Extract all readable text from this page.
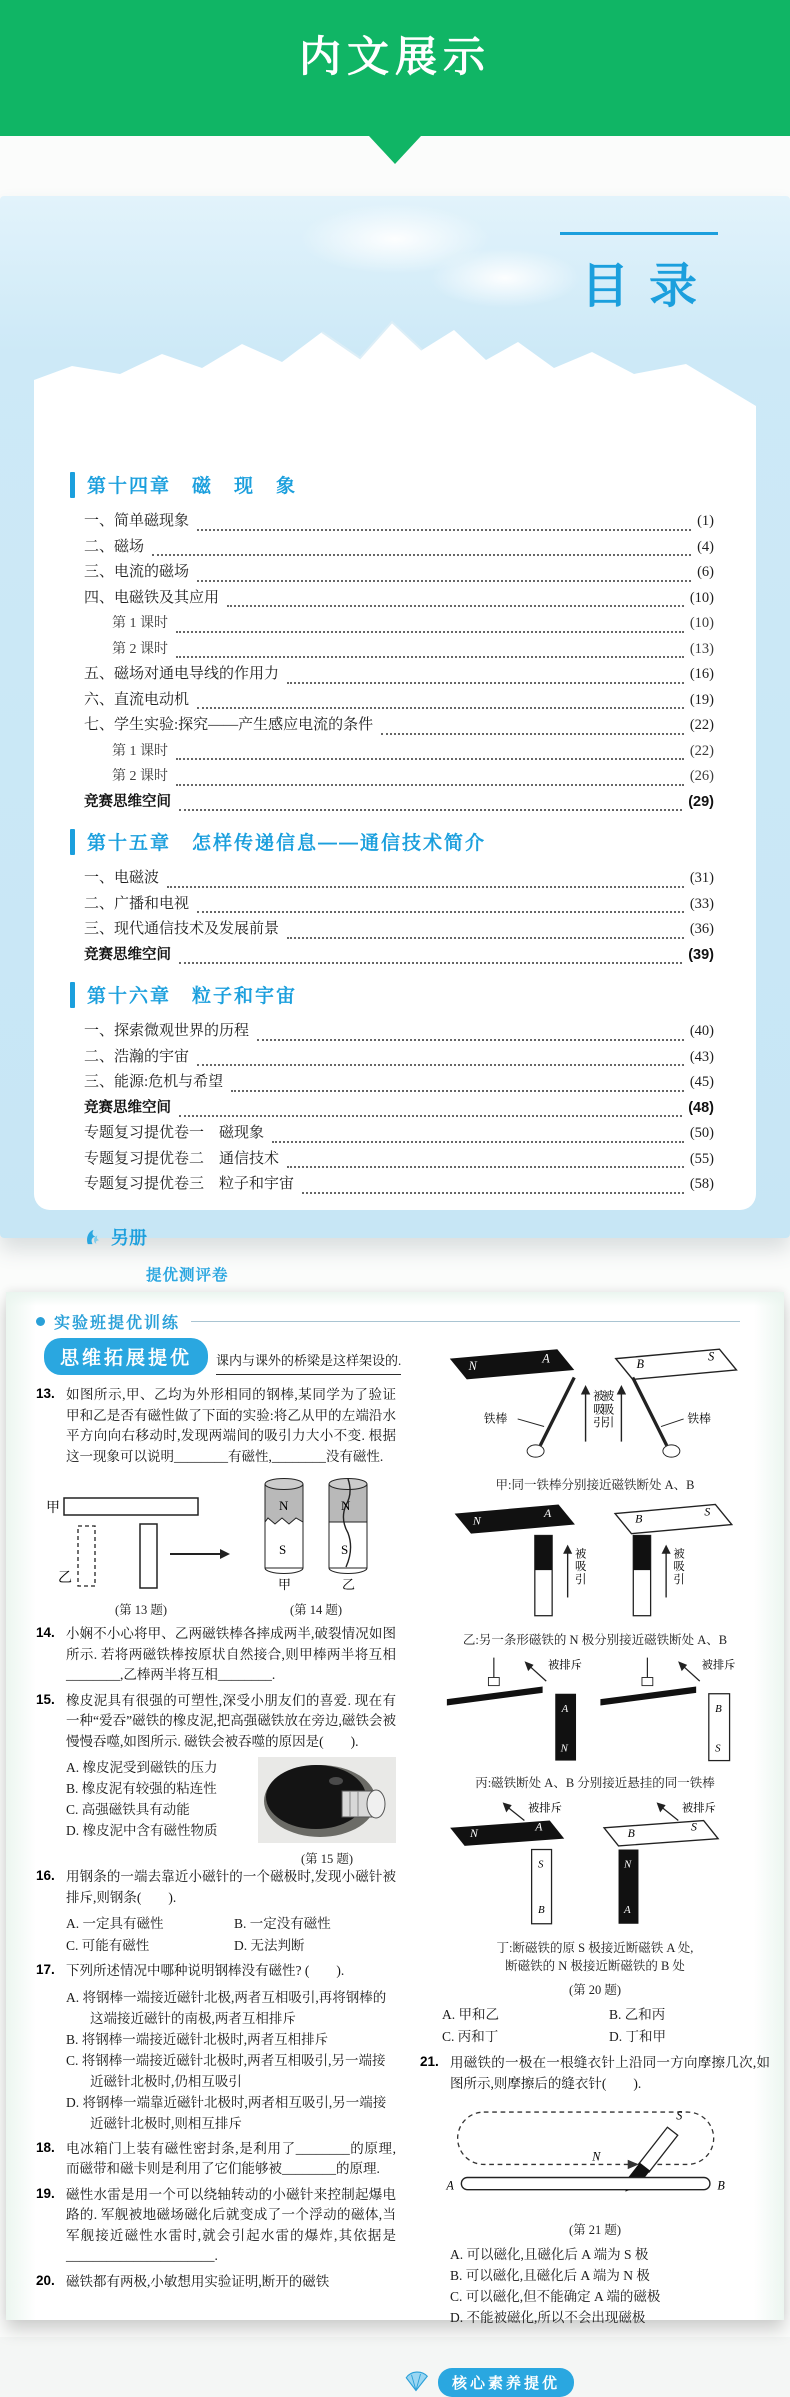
内文展示
目录
第十四章　磁　现　象
一、简单磁现象	(1)
二、磁场	(4)
三、电流的磁场	(6)
四、电磁铁及其应用	(10)
第 1 课时	(10)
第 2 课时	(13)
五、磁场对通电导线的作用力	(16)
六、直流电动机	(19)
七、学生实验:探究——产生感应电流的条件	(22)
第 1 课时	(22)
第 2 课时	(26)
竞赛思维空间	(29)
第十五章　怎样传递信息——通信技术简介
一、电磁波	(31)
二、广播和电视	(33)
三、现代通信技术及发展前景	(36)
竞赛思维空间	(39)
第十六章　粒子和宇宙
一、探索微观世界的历程	(40)
二、浩瀚的宇宙	(43)
三、能源:危机与希望	(45)
竞赛思维空间	(48)
专题复习提优卷一　磁现象	(50)
专题复习提优卷二　通信技术	(55)
专题复习提优卷三　粒子和宇宙	(58)
另册
提优测评卷
实验班提优训练
思维拓展提优	课内与课外的桥梁是这样架设的.
13. 如图所示,甲、乙均为外形相同的钢棒,某同学为了验证甲和乙是否有磁性做了下面的实验:将乙从甲的左端沿水平方向向右移动时,发现两端间的吸引力大小不变. 根据这一现象可以说明________有磁性,________没有磁性.
甲
乙
(第 13 题)
N
S
甲
N
S
乙
(第 14 题)
14. 小娴不小心将甲、乙两磁铁棒各摔成两半,破裂情况如图所示. 若将两磁铁棒按原状自然接合,则甲棒两半将互相________,乙棒两半将互相________.
15. 橡皮泥具有很强的可塑性,深受小朋友们的喜爱. 现在有一种“爱吞”磁铁的橡皮泥,把高强磁铁放在旁边,磁铁会被慢慢吞噬,如图所示. 磁铁会被吞噬的原因是(　　).
A. 橡皮泥受到磁铁的压力
B. 橡皮泥有较强的粘连性
C. 高强磁铁具有动能
D. 橡皮泥中含有磁性物质
(第 15 题)
16. 用钢条的一端去靠近小磁针的一个磁极时,发现小磁针被排斥,则钢条(　　).
A. 一定具有磁性	B. 一定没有磁性
C. 可能有磁性	D. 无法判断
17. 下列所述情况中哪种说明钢棒没有磁性? (　　).
A. 将钢棒一端接近磁针北极,两者互相吸引,再将钢棒的这端接近磁针的南极,两者互相排斥
B. 将钢棒一端接近磁针北极时,两者互相排斥
C. 将钢棒一端接近磁针北极时,两者互相吸引,另一端接近磁针北极时,仍相互吸引
D. 将钢棒一端靠近磁针北极时,两者相互吸引,另一端接近磁针北极时,则相互排斥
18. 电冰箱门上装有磁性密封条,是利用了________的原理,而磁带和磁卡则是利用了它们能够被________的原理.
19. 磁性水雷是用一个可以绕轴转动的小磁针来控制起爆电路的. 军舰被地磁场磁化后就变成了一个浮动的磁体,当军舰接近磁性水雷时,就会引起水雷的爆炸,其依据是______________________.
20. 磁铁都有两极,小敏想用实验证明,断开的磁铁
N
A
被吸引
铁棒
B
S
被吸引	铁棒
甲:同一铁棒分别接近磁铁断处 A、B
N
A
被吸引
B
S
被吸引
乙:另一条形磁铁的 N 极分别接近磁铁断处 A、B
被排斥
A
N
被排斥
B
S
丙:磁铁断处 A、B 分别接近悬挂的同一铁棒
被排斥
N	A
S
B
被排斥
B	S
N
A
丁:断磁铁的原 S 极接近断磁铁 A 处,
断磁铁的 N 极接近断磁铁的 B 处
(第 20 题)
A. 甲和乙	B. 乙和丙
C. 丙和丁	D. 丁和甲
21. 用磁铁的一极在一根缝衣针上沿同一方向摩擦几次,如图所示,则摩擦后的缝衣针(　　).
S
N
A	B
(第 21 题)
A. 可以磁化,且磁化后 A 端为 S 极
B. 可以磁化,且磁化后 A 端为 N 极
C. 可以磁化,但不能确定 A 端的磁极
D. 不能被磁化,所以不会出现磁极
核心素养提优
